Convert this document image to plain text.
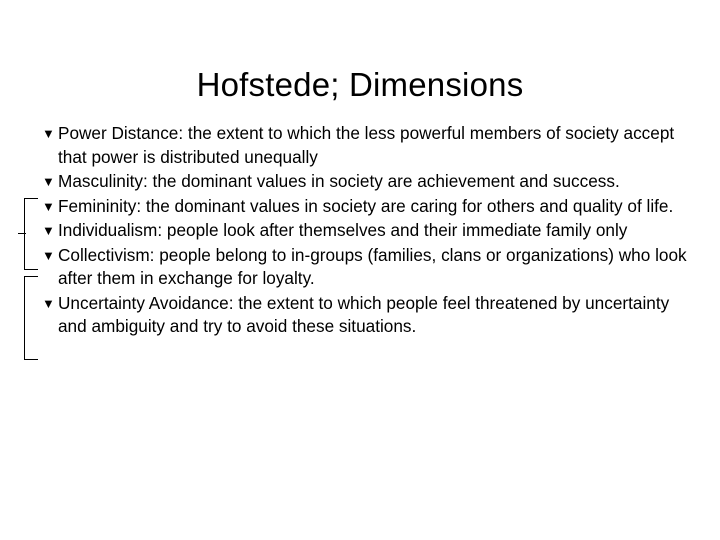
Hofstede; Dimensions
▼ Power Distance: the extent to which the less powerful members of society accept that power is distributed unequally
▼ Masculinity: the dominant values in society are achievement and success.
▼ Femininity: the dominant values in society are caring for others and quality of life.
▼ Individualism: people look after themselves and their immediate family only
▼ Collectivism: people belong to in-groups (families, clans or organizations) who look after them in exchange for loyalty.
▼ Uncertainty Avoidance: the extent to which people feel threatened by uncertainty and ambiguity and try to avoid these situations.
